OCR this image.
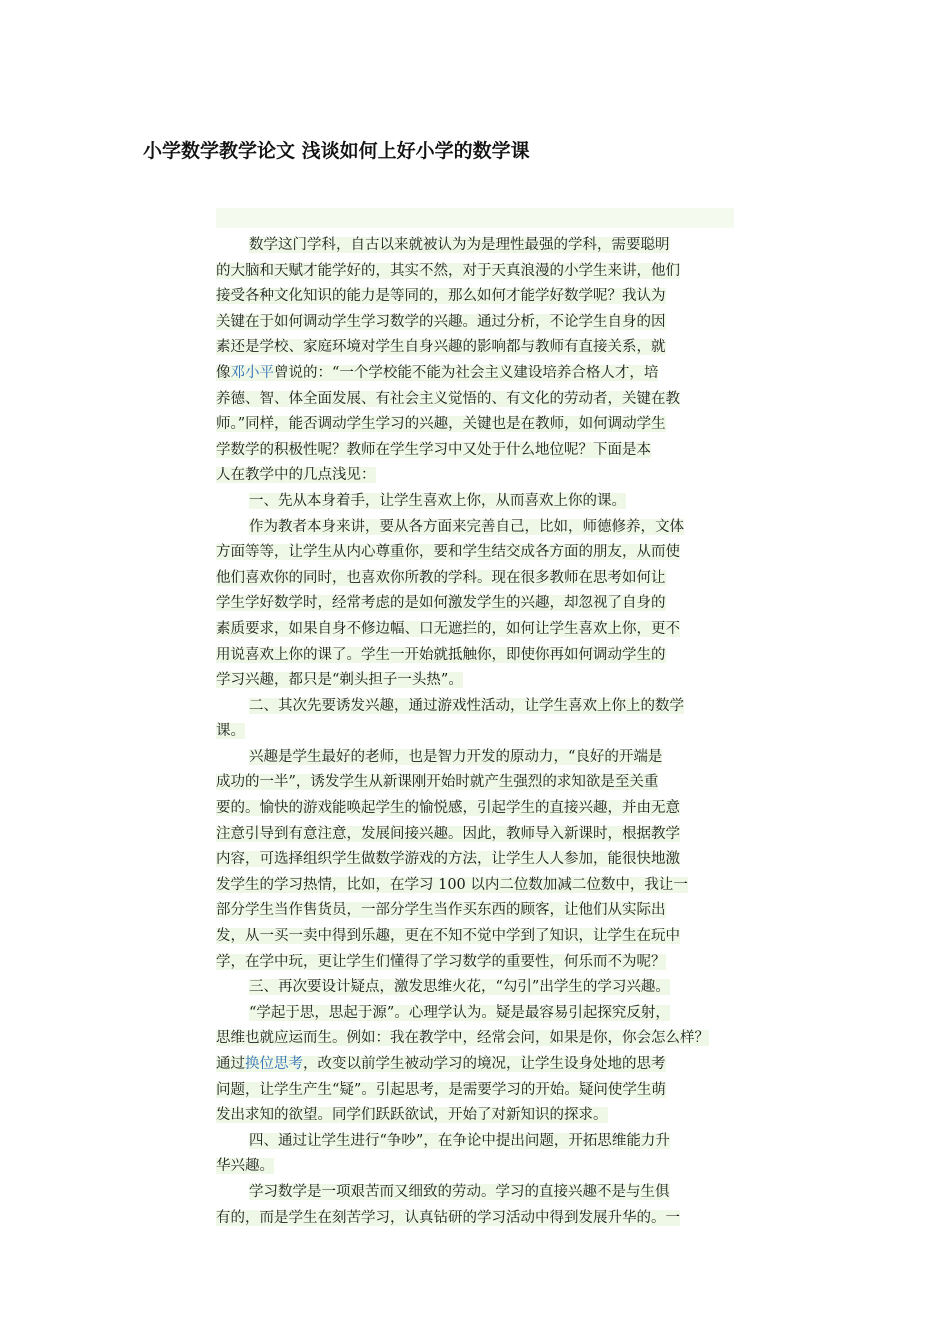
小学数学教学论文 浅谈如何上好小学的数学课
数学这门学科，自古以来就被认为为是理性最强的学科，需要聪明
的大脑和天赋才能学好的，其实不然，对于天真浪漫的小学生来讲，他们
接受各种文化知识的能力是等同的，那么如何才能学好数学呢？我认为
关键在于如何调动学生学习数学的兴趣。通过分析，不论学生自身的因
素还是学校、家庭环境对学生自身兴趣的影响都与教师有直接关系，就
像邓小平曾说的：“一个学校能不能为社会主义建设培养合格人才，培
养德、智、体全面发展、有社会主义觉悟的、有文化的劳动者，关键在教
师。”同样，能否调动学生学习的兴趣，关键也是在教师，如何调动学生
学数学的积极性呢？教师在学生学习中又处于什么地位呢？下面是本
人在教学中的几点浅见：
一、先从本身着手，让学生喜欢上你，从而喜欢上你的课。
作为教者本身来讲，要从各方面来完善自己，比如，师德修养，文体
方面等等，让学生从内心尊重你，要和学生结交成各方面的朋友，从而使
他们喜欢你的同时，也喜欢你所教的学科。现在很多教师在思考如何让
学生学好数学时，经常考虑的是如何激发学生的兴趣，却忽视了自身的
素质要求，如果自身不修边幅、口无遮拦的，如何让学生喜欢上你，更不
用说喜欢上你的课了。学生一开始就抵触你，即使你再如何调动学生的
学习兴趣，都只是“剃头担子一头热”。
二、其次先要诱发兴趣，通过游戏性活动，让学生喜欢上你上的数学
课。
兴趣是学生最好的老师，也是智力开发的原动力，“良好的开端是
成功的一半”，诱发学生从新课刚开始时就产生强烈的求知欲是至关重
要的。愉快的游戏能唤起学生的愉悦感，引起学生的直接兴趣，并由无意
注意引导到有意注意，发展间接兴趣。因此，教师导入新课时，根据教学
内容，可选择组织学生做数学游戏的方法，让学生人人参加，能很快地激
发学生的学习热情，比如，在学习 100 以内二位数加减二位数中，我让一
部分学生当作售货员，一部分学生当作买东西的顾客，让他们从实际出
发，从一买一卖中得到乐趣，更在不知不觉中学到了知识，让学生在玩中
学，在学中玩，更让学生们懂得了学习数学的重要性，何乐而不为呢？
三、再次要设计疑点，激发思维火花，“勾引”出学生的学习兴趣。
“学起于思，思起于源”。心理学认为。疑是最容易引起探究反射，
思维也就应运而生。例如：我在教学中，经常会问，如果是你，你会怎么样？
通过换位思考，改变以前学生被动学习的境况，让学生设身处地的思考
问题，让学生产生“疑”。引起思考，是需要学习的开始。疑问使学生萌
发出求知的欲望。同学们跃跃欲试，开始了对新知识的探求。
四、通过让学生进行“争吵”，在争论中提出问题，开拓思维能力升
华兴趣。
学习数学是一项艰苦而又细致的劳动。学习的直接兴趣不是与生俱
有的，而是学生在刻苦学习，认真钻研的学习活动中得到发展升华的。一
